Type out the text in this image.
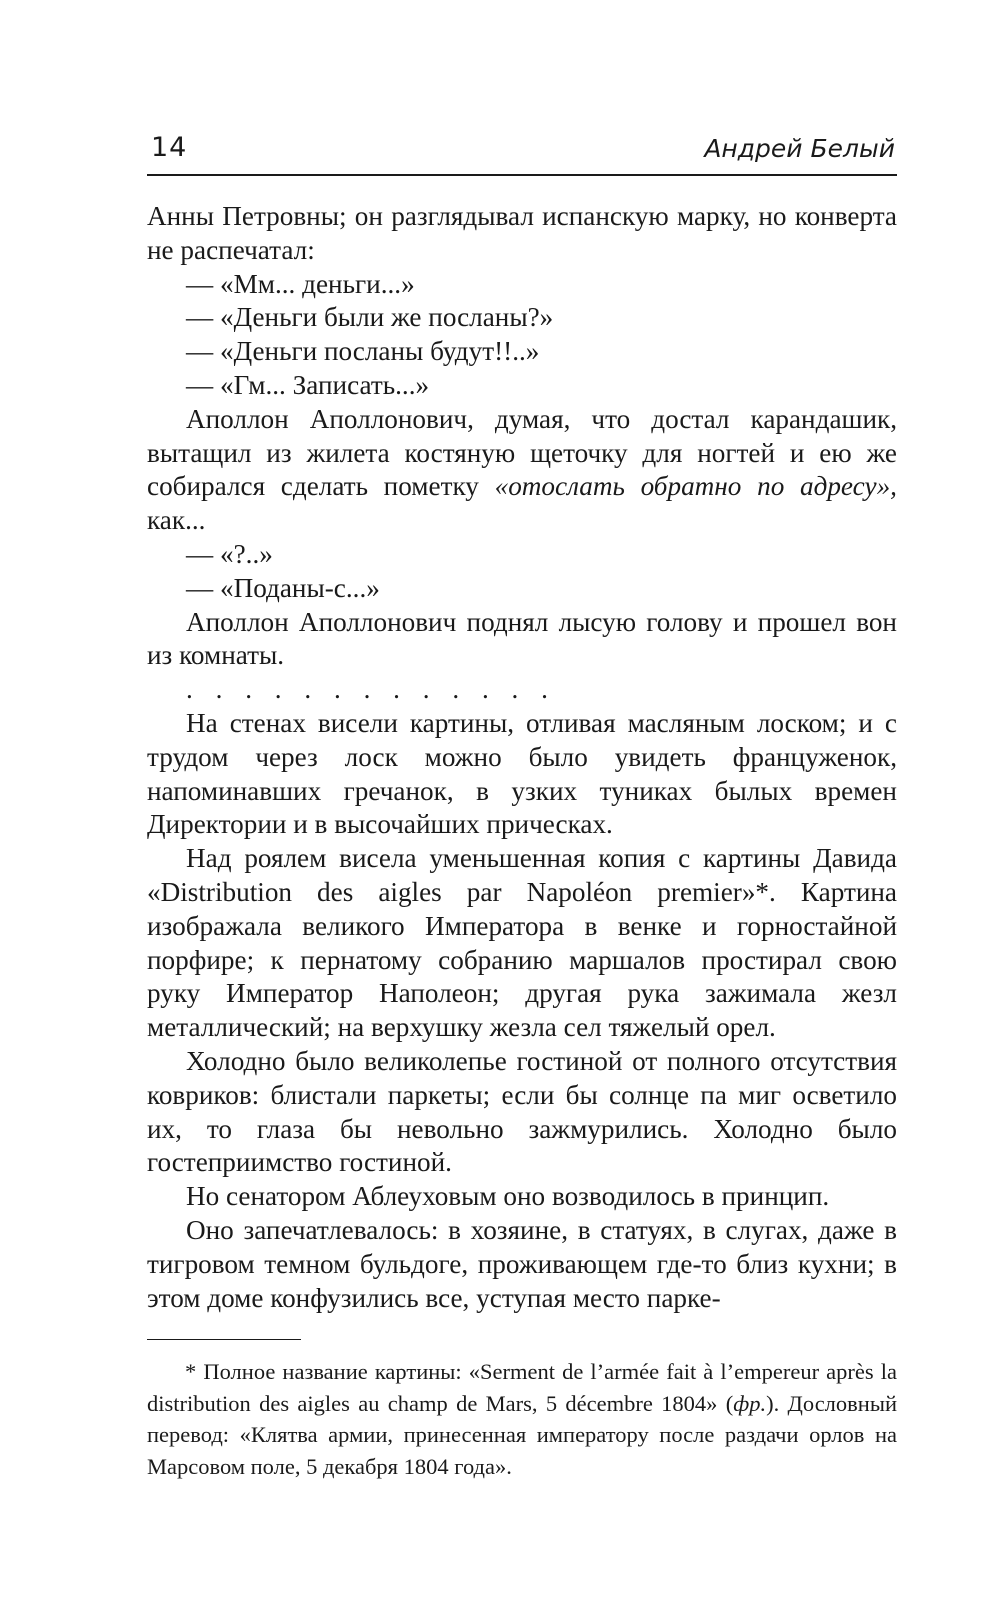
14	Андрей Белый

Анны Петровны; он разглядывал испанскую марку, но конверта не распечатал:

— «Мм... деньги...»

— «Деньги были же посланы?»

— «Деньги посланы будут!!..»

— «Гм... Записать...»

Аполлон Аполлонович, думая, что достал карандашик, вытащил из жилета костяную щеточку для ногтей и ею же собирался сделать пометку «отослать обратно по адресу», как...

— «?..»

— «Поданы-с...»

Аполлон Аполлонович поднял лысую голову и прошел вон из комнаты.

. . . . . . . . . . . . .

На стенах висели картины, отливая масляным лоском; и с трудом через лоск можно было увидеть француженок, напоминавших гречанок, в узких туниках былых времен Директории и в высочайших прическах.

Над роялем висела уменьшенная копия с картины Давида «Distribution des aigles par Napoléon premier»*. Картина изображала великого Императора в венке и горностайной порфире; к пернатому собранию маршалов простирал свою руку Император Наполеон; другая рука зажимала жезл металлический; на верхушку жезла сел тяжелый орел.

Холодно было великолепье гостиной от полного отсутствия ковриков: блистали паркеты; если бы солнце па миг осветило их, то глаза бы невольно зажмурились. Холодно было гостеприимство гостиной.

Но сенатором Аблеуховым оно возводилось в принцип.

Оно запечатлевалось: в хозяине, в статуях, в слугах, даже в тигровом темном бульдоге, проживающем где-то близ кухни; в этом доме конфузились все, уступая место парке-

* Полное название картины: «Serment de l’armée fait à l’empereur après la distribution des aigles au champ de Mars, 5 décembre 1804» (фр.). Дословный перевод: «Клятва армии, принесенная императору после раздачи орлов на Марсовом поле, 5 декабря 1804 года».
